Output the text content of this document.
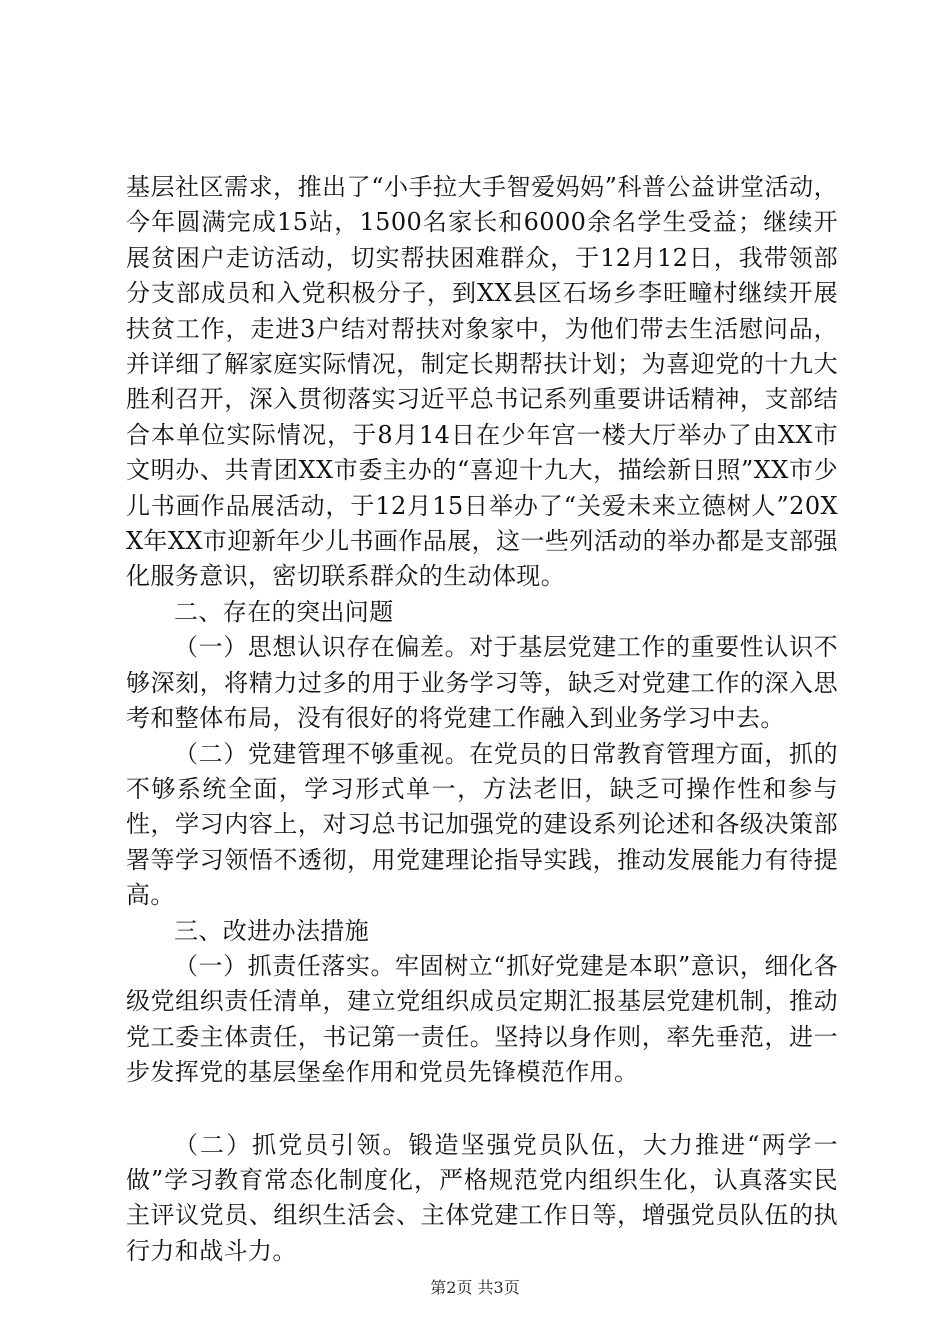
基层社区需求，推出了“小手拉大手智爱妈妈”科普公益讲堂活动，今年圆满完成15站，1500名家长和6000余名学生受益；继续开展贫困户走访活动，切实帮扶困难群众，于12月12日，我带领部分支部成员和入党积极分子，到XX县区石场乡李旺疃村继续开展扶贫工作，走进3户结对帮扶对象家中，为他们带去生活慰问品，并详细了解家庭实际情况，制定长期帮扶计划；为喜迎党的十九大胜利召开，深入贯彻落实习近平总书记系列重要讲话精神，支部结合本单位实际情况，于8月14日在少年宫一楼大厅举办了由XX市文明办、共青团XX市委主办的“喜迎十九大，描绘新日照”XX市少儿书画作品展活动，于12月15日举办了“关爱未来立德树人”20XX年XX市迎新年少儿书画作品展，这一些列活动的举办都是支部强化服务意识，密切联系群众的生动体现。

二、存在的突出问题

（一）思想认识存在偏差。对于基层党建工作的重要性认识不够深刻，将精力过多的用于业务学习等，缺乏对党建工作的深入思考和整体布局，没有很好的将党建工作融入到业务学习中去。

（二）党建管理不够重视。在党员的日常教育管理方面，抓的不够系统全面，学习形式单一，方法老旧，缺乏可操作性和参与性，学习内容上，对习总书记加强党的建设系列论述和各级决策部署等学习领悟不透彻，用党建理论指导实践，推动发展能力有待提高。

三、改进办法措施

（一）抓责任落实。牢固树立“抓好党建是本职”意识，细化各级党组织责任清单，建立党组织成员定期汇报基层党建机制，推动党工委主体责任，书记第一责任。坚持以身作则，率先垂范，进一步发挥党的基层堡垒作用和党员先锋模范作用。

（二）抓党员引领。锻造坚强党员队伍，大力推进“两学一做”学习教育常态化制度化，严格规范党内组织生化，认真落实民主评议党员、组织生活会、主体党建工作日等，增强党员队伍的执行力和战斗力。

第2页 共3页
